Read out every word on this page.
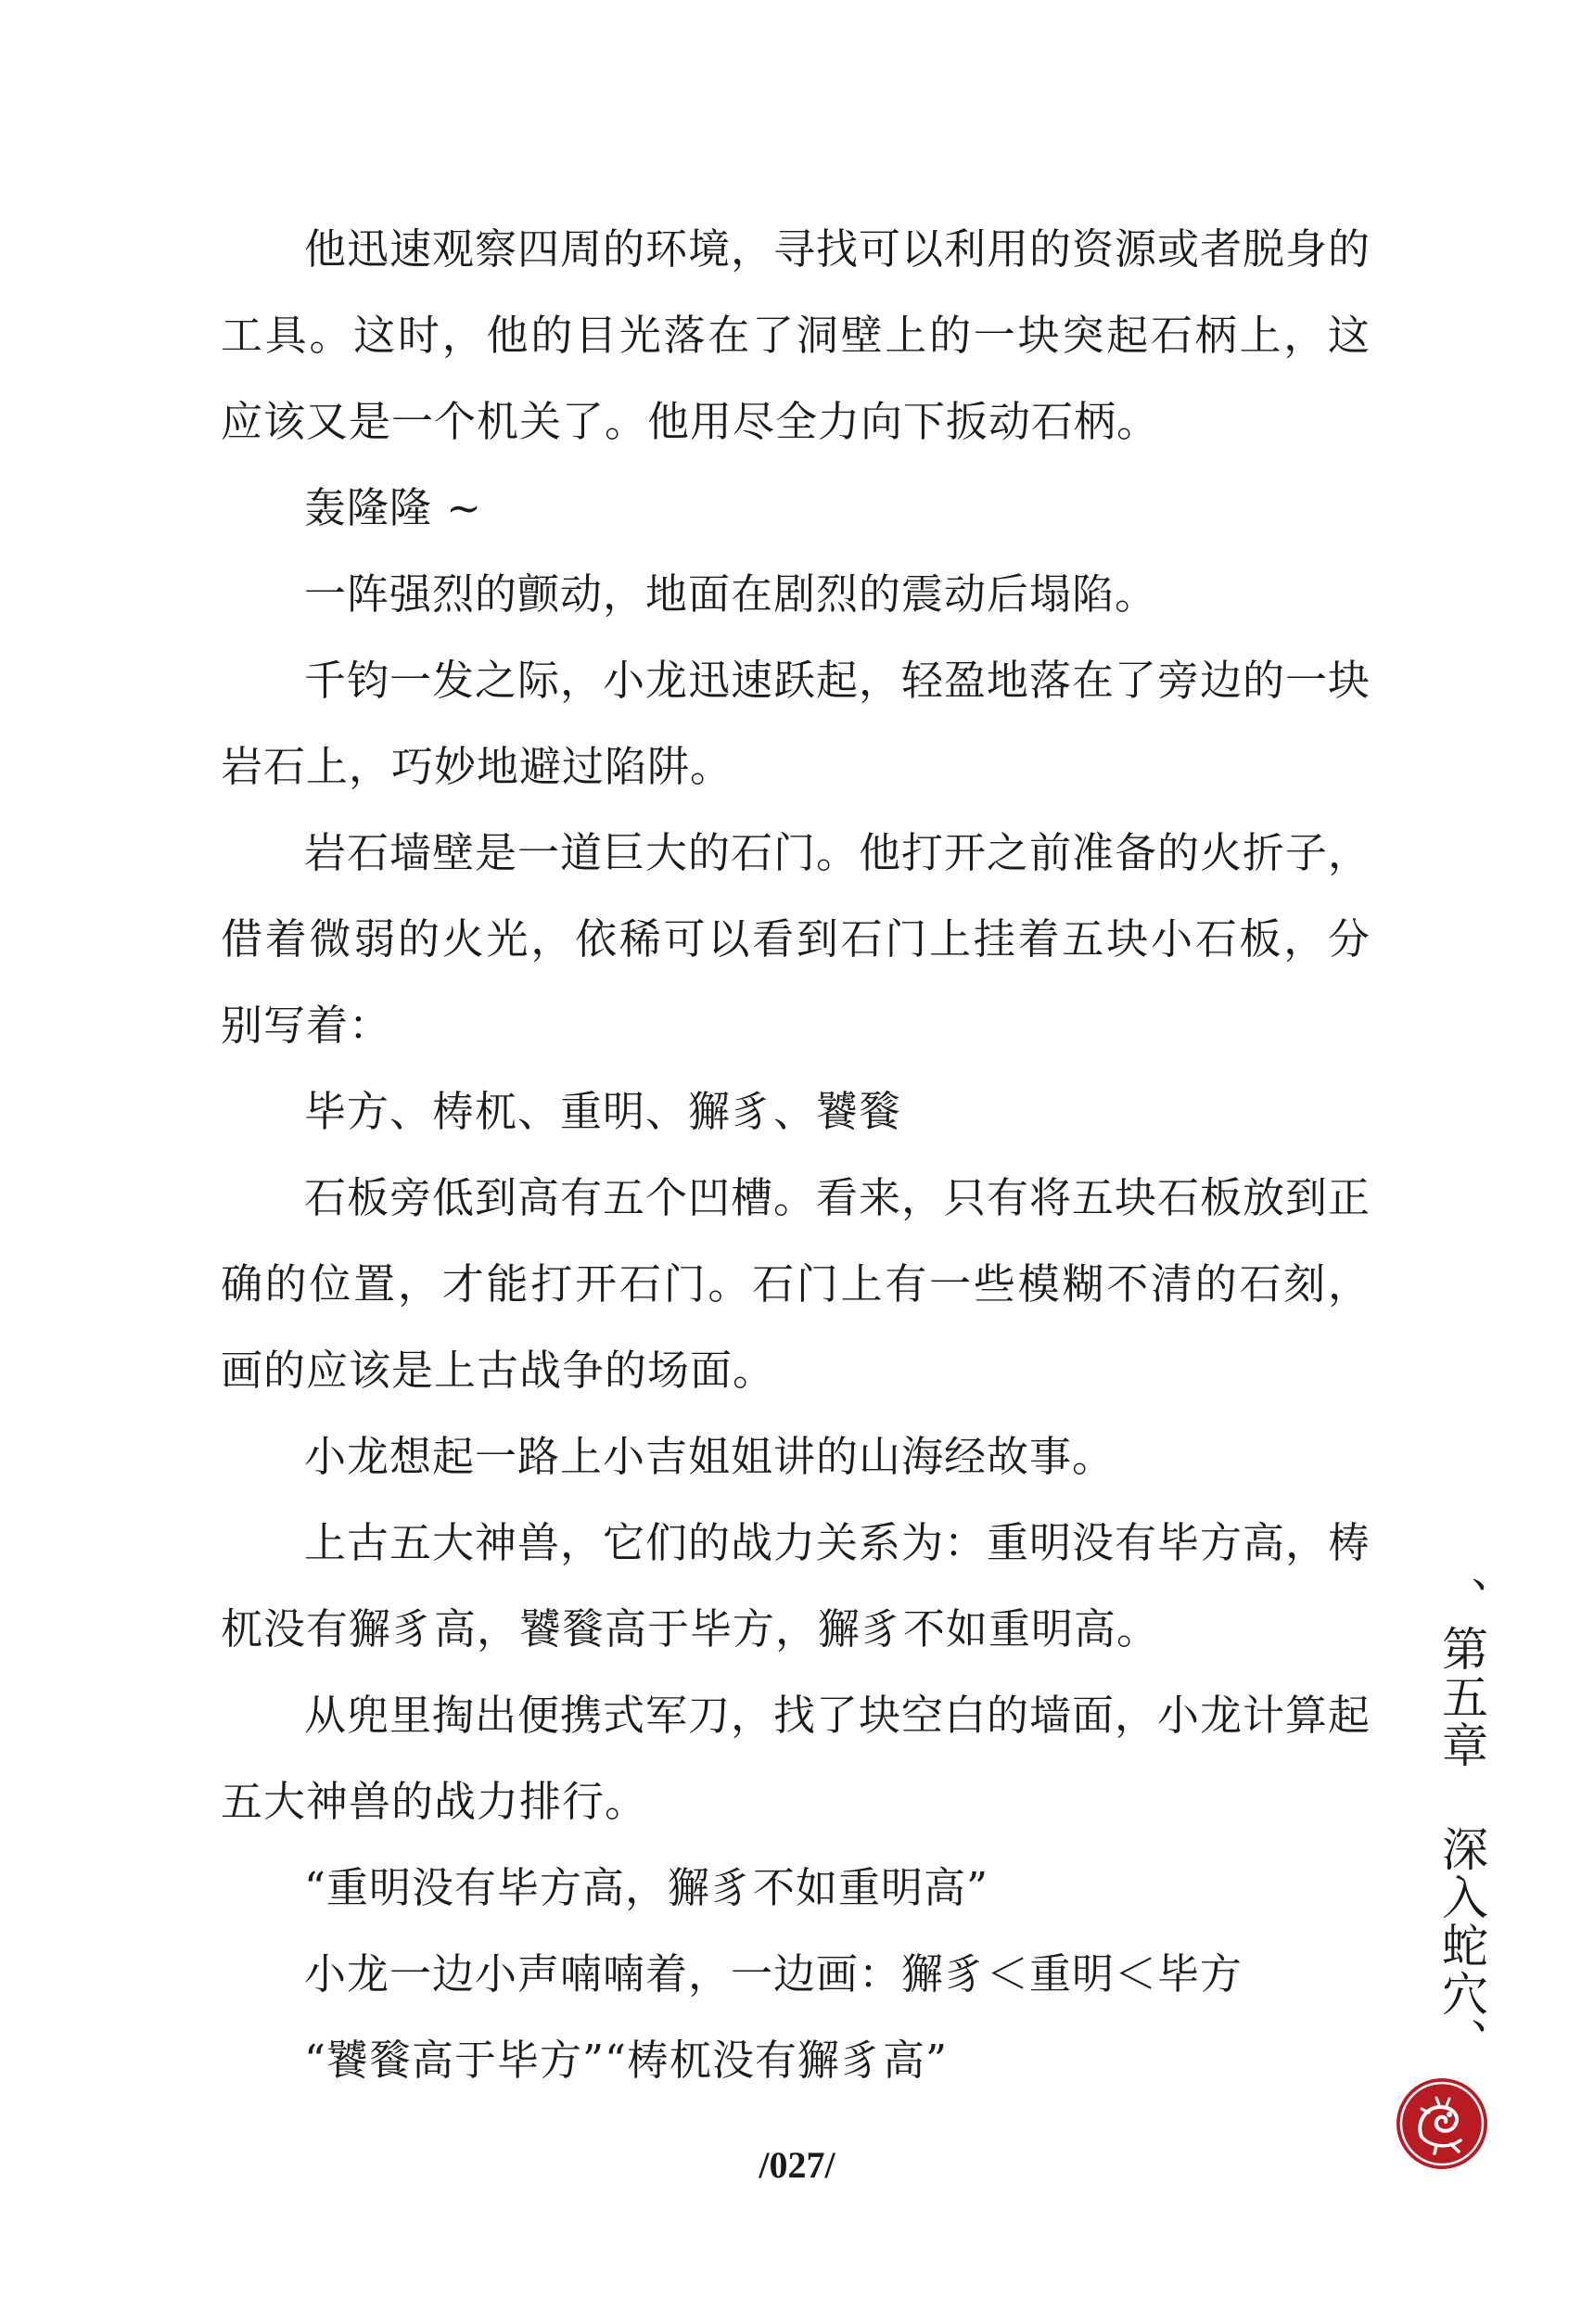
他迅速观察四周的环境，寻找可以利用的资源或者脱身的工具。这时，他的目光落在了洞壁上的一块突起石柄上，这应该又是一个机关了。他用尽全力向下扳动石柄。

轰隆隆 ~

一阵强烈的颤动，地面在剧烈的震动后塌陷。

千钧一发之际，小龙迅速跃起，轻盈地落在了旁边的一块岩石上，巧妙地避过陷阱。

岩石墙壁是一道巨大的石门。他打开之前准备的火折子，借着微弱的火光，依稀可以看到石门上挂着五块小石板，分别写着：

毕方、梼杌、重明、獬豸、饕餮

石板旁低到高有五个凹槽。看来，只有将五块石板放到正确的位置，才能打开石门。石门上有一些模糊不清的石刻，画的应该是上古战争的场面。

小龙想起一路上小吉姐姐讲的山海经故事。

上古五大神兽，它们的战力关系为：重明没有毕方高，梼杌没有獬豸高，饕餮高于毕方，獬豸不如重明高。

从兜里掏出便携式军刀，找了块空白的墙面，小龙计算起五大神兽的战力排行。

“重明没有毕方高，獬豸不如重明高”

小龙一边小声喃喃着，一边画：獬豸＜重明＜毕方

“饕餮高于毕方”“梼杌没有獬豸高”	、第五章 深入蛇穴、
/027/
